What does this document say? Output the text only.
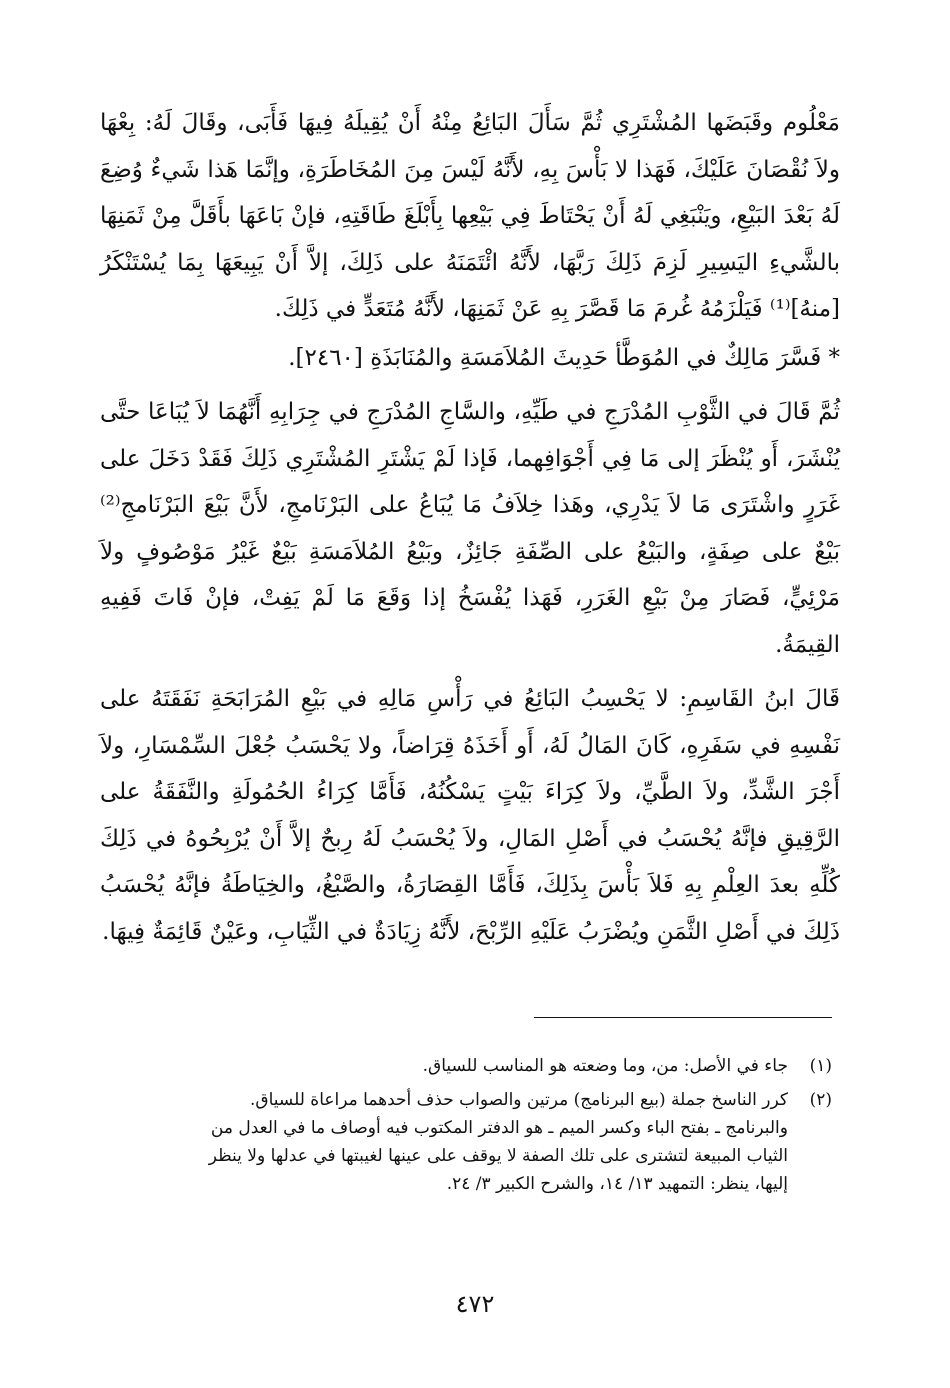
مَعْلُوم وقَبَضَها المُشْتَرِي ثُمَّ سَأَلَ البَائِعُ مِنْهُ أَنْ يُقِيلَهُ فِيهَا فَأَبَى، وقَالَ لَهُ: بِعْهَا ولاَ نُقْصَانَ عَلَيْكَ، فَهَذا لا بَأْسَ بِهِ، لأَنَّهُ لَيْسَ مِنَ المُخَاطَرَةِ، وإنَّمَا هَذا شَيءٌ وُضِعَ لَهُ بَعْدَ البَيْعِ، ويَنْبَغِي لَهُ أَنْ يَحْتَاطَ فِي بَيْعِها بِأَبْلَغَ طَاقَتِهِ، فإنْ بَاعَهَا بأَقَلَّ مِنْ ثَمَنِهَا بالشَّيءِ اليَسِيرِ لَزِمَ ذَلِكَ رَبَّهَا، لأَنَّهُ ائْتَمَنَهُ على ذَلِكَ، إلاَّ أَنْ يَبِيعَهَا بِمَا يُسْتَنْكَرُ [منهُ]⁽¹⁾ فَيَلْزَمُهُ غُرمَ مَا قَصَّرَ بِهِ عَنْ ثَمَنِهَا، لأَنَّهُ مُتَعَدٍّ في ذَلِكَ.

* فَسَّرَ مَالِكٌ في المُوَطَّأ حَدِيثَ المُلاَمَسَةِ والمُنَابَذَةِ [٢٤٦٠].

ثُمَّ قَالَ في الثَّوْبِ المُدْرَجِ في طَيِّهِ، والسَّاجِ المُدْرَجِ في جِرَابِهِ أَنَّهُمَا لاَ يُبَاعَا حتَّى يُنْشَرَ، أَو يُنْظَرَ إلى مَا فِي أَجْوَافِهما، فَإذا لَمْ يَشْتَرِ المُشْتَرِي ذَلِكَ فَقَدْ دَخَلَ على غَرَرٍ واشْتَرَى مَا لاَ يَدْرِي، وهَذا خِلاَفُ مَا يُبَاعُ على البَرْنَامجِ، لأَنَّ بَيْعَ البَرْنَامجِ⁽²⁾ بَيْعٌ على صِفَةٍ، والبَيْعُ على الصِّفَةِ جَائِزٌ، وبَيْعُ المُلاَمَسَةِ بَيْعٌ غَيْرُ مَوْصُوفٍ ولاَ مَرْئِيٍّ، فَصَارَ مِنْ بَيْعِ الغَرَرِ، فَهَذا يُفْسَخُ إذا وَقَعَ مَا لَمْ يَفِتْ، فإنْ فَاتَ فَفِيهِ القِيمَةُ.

قَالَ ابنُ القَاسِمِ: لا يَحْسِبُ البَائِعُ في رَأْسِ مَالِهِ في بَيْعِ المُرَابَحَةِ نَفَقَتَهُ على نَفْسِهِ في سَفَرِهِ، كَانَ المَالُ لَهُ، أَو أَخَذَهُ قِرَاضاً، ولا يَحْسَبُ جُعْلَ السِّمْسَارِ، ولاَ أَجْرَ الشَّدِّ، ولاَ الطَّيِّ، ولاَ كِرَاءَ بَيْتٍ يَسْكُنُهُ، فَأَمَّا كِرَاءُ الحُمُولَةِ والنَّفَقَةُ على الرَّقِيقِ فإنَّهُ يُحْسَبُ في أَصْلِ المَالِ، ولاَ يُحْسَبُ لَهُ رِبحٌ إلاَّ أَنْ يُرْبِحُوهُ في ذَلِكَ كُلِّهِ بعدَ العِلْمِ بِهِ فَلاَ بَأْسَ بِذَلِكَ، فَأَمَّا القِصَارَةُ، والصَّبْغُ، والخِيَاطَةُ فإنَّهُ يُحْسَبُ ذَلِكَ في أَصْلِ الثَّمَنِ ويُضْرَبُ عَلَيْهِ الرِّبْحَ، لأَنَّهُ زِيَادَةٌ في الثِّيَابِ، وعَيْنٌ قَائِمَةٌ فِيهَا.

(١)
جاء في الأصل: من، وما وضعته هو المناسب للسياق.
(٢)
كرر الناسخ جملة (بيع البرنامج) مرتين والصواب حذف أحدهما مراعاة للسياق.
والبرنامج ـ بفتح الباء وكسر الميم ـ هو الدفتر المكتوب فيه أوصاف ما في العدل من
الثياب المبيعة لتشترى على تلك الصفة لا يوقف على عينها لغيبتها في عدلها ولا ينظر
إليها، ينظر: التمهيد ١٣/ ١٤، والشرح الكبير ٣/ ٢٤.
٤٧٢
